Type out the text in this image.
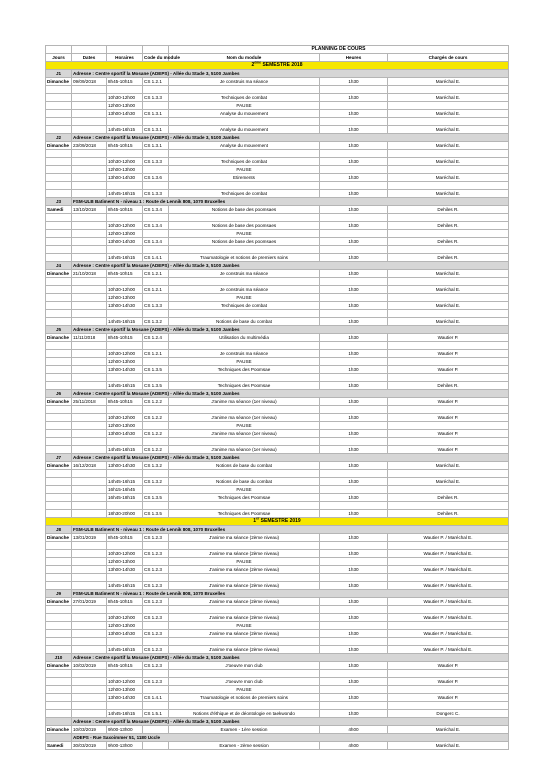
				PLANNING DE COURS		
Jours	Dates	Horaires	Code du module	Nom du module	Heures	Chargés de cours
2ème SEMESTRE 2018						
J1	Adresse : Centre sportif la Mosane (ADEPS) - Allée du Stade 3, 5100 Jambes					
Dimanche	09/09/2018	8h45-10h15	CS 1.2.1	Je construis ma séance	1h30	Maréchal E.

		10h30-12h00	CS 1.3.3	Techniques de combat	1h30	Maréchal E.
		12h00-13h00		PAUSE		
		13h00-14h30	CS 1.3.1	Analyse du mouvement	1h30	Maréchal E.

		14h45-16h15	CS 1.3.1	Analyse du mouvement	1h30	Maréchal E.
J2	Adresse : Centre sportif la Mosane (ADEPS) - Allée du Stade 3, 5100 Jambes					
Dimanche	23/09/2018	8h45-10h15	CS 1.3.1	Analyse du mouvement	1h30	Maréchal E.

		10h30-12h00	CS 1.3.3	Techniques de combat	1h30	Maréchal E.
		12h00-13h00		PAUSE		
		13h00-14h30	CS 1.3.6	Etirements	1h30	Maréchal E.

		14h45-16h15	CS 1.3.3	Techniques de combat	1h30	Maréchal E.
J3	FSM-ULB Batiment N - niveau 1 : Route de Lennik 808, 1070 Bruxelles					
Samedi	13/10/2018	8h45-10h15	CS 1.3.4	Notions de base des poomsaes	1h30	Dehiles R.

		10h30-12h00	CS 1.3.4	Notions de base des poomsaes	1h30	Dehiles R.
		12h00-13h00		PAUSE		
		13h00-14h30	CS 1.3.4	Notions de base des poomsaes	1h30	Dehiles R.

		14h45-16h15	CS 1.4.1	Traumatologie et notions de premiers soins	1h30	Dehiles R.
J4	Adresse : Centre sportif la Mosane (ADEPS) - Allée du Stade 3, 5100 Jambes					
Dimanche	21/10/2018	8h45-10h15	CS 1.2.1	Je construis ma séance	1h30	Maréchal E.

		10h30-12h00	CS 1.2.1	Je construis ma séance	1h30	Maréchal E.
		12h00-13h00		PAUSE		
		13h00-14h30	CS 1.3.3	Techniques de combat	1h30	Maréchal E.

		14h45-16h15	CS 1.3.2	Notions de base du combat	1h30	Maréchal E.
J5	Adresse : Centre sportif la Mosane (ADEPS) - Allée du Stade 3, 5100 Jambes					
Dimanche	11/11/2018	8h45-10h15	CS 1.2.4	Utilisation du multimédia	1h30	Wautier P.

		10h30-12h00	CS 1.2.1	Je construis ma séance	1h30	Wautier P.
		12h00-13h00		PAUSE		
		13h00-14h30	CS 1.3.5	Techniques des Poomsae	1h30	Wautier P.

		14h45-16h15	CS 1.3.5	Techniques des Poomsae	1h30	Dehiles R.
J6	Adresse : Centre sportif la Mosane (ADEPS) - Allée du Stade 3, 5100 Jambes					
Dimanche	25/11/2018	8h45-10h15	CS 1.2.2	J'anime ma séance (1er niveau)	1h30	Wautier P.

		10h30-12h00	CS 1.2.2	J'anime ma séance (1er niveau)	1h30	Wautier P.
		12h00-13h00		PAUSE		
		13h00-14h30	CS 1.2.2	J'anime ma séance (1er niveau)	1h30	Wautier P.

		14h45-16h15	CS 1.2.2	J'anime ma séance (1er niveau)	1h30	Wautier P.
J7	Adresse : Centre sportif la Mosane (ADEPS) - Allée du Stade 3, 5100 Jambes					
Dimanche	16/12/2018	13h00-14h30	CS 1.3.2	Notions de base du combat	1h30	Maréchal E.

		14h45-16h15	CS 1.3.2	Notions de base du combat	1h30	Maréchal E.
		16h15-16h45		PAUSE		
		16h45-18h15	CS 1.3.5	Techniques des Poomsae	1h30	Dehiles R.

		18h30-20h00	CS 1.3.5	Techniques des Poomsae	1h30	Dehiles R.
1er SEMESTRE 2019						
J8	FSM-ULB Batiment N - niveau 1 : Route de Lennik 808, 1070 Bruxelles					
Dimanche	13/01/2019	8h45-10h15	CS 1.2.3	J'anime ma séance (2ème niveau)	1h30	Wautier P. / Maréchal E.

		10h30-12h00	CS 1.2.3	J'anime ma séance (2ème niveau)	1h30	Wautier P. / Maréchal E.
		12h00-13h00		PAUSE		
		13h00-14h30	CS 1.2.3	J'anime ma séance (2ème niveau)	1h30	Wautier P. / Maréchal E.

		14h45-16h15	CS 1.2.3	J'anime ma séance (2ème niveau)	1h30	Wautier P. / Maréchal E.
J9	FSM-ULB Batiment N - niveau 1 : Route de Lennik 808, 1070 Bruxelles					
Dimanche	27/01/2019	8h45-10h15	CS 1.2.3	J'anime ma séance (2ème niveau)	1h30	Wautier P. / Maréchal E.

		10h30-12h00	CS 1.2.3	J'anime ma séance (2ème niveau)	1h30	Wautier P. / Maréchal E.
		12h00-13h00		PAUSE		
		13h00-14h30	CS 1.2.3	J'anime ma séance (2ème niveau)	1h30	Wautier P. / Maréchal E.

		14h45-16h15	CS 1.2.3	J'anime ma séance (2ème niveau)	1h30	Wautier P. / Maréchal E.
J10	Adresse : Centre sportif la Mosane (ADEPS) - Allée du Stade 3, 5100 Jambes					
Dimanche	10/02/2019	8h45-10h15	CS 1.2.3	J'oeuvre mon club	1h30	Wautier P.

		10h30-12h00	CS 1.2.3	J'oeuvre mon club	1h30	Wautier P.
		12h00-13h00		PAUSE		
		13h00-14h30	CS 1.4.1	Traumatologie et notions de premiers soins	1h30	Wautier P.

		14h45-16h15	CS 1.5.1	Notions d'éthique et de déontologie en taekwondo	1h30	Dongerc C.
	Adresse : Centre sportif la Mosane (ADEPS) - Allée du Stade 3, 5100 Jambes					
Dimanche	10/03/2019	9h00-13h00		Examen - 1ère session	4h00	Maréchal E.
	ADEPS - Rue Saxoimmer 51, 1180 Uccle					
Samedi	30/03/2019	9h00-13h00		Examen - 2ème session	4h00	Maréchal E.
